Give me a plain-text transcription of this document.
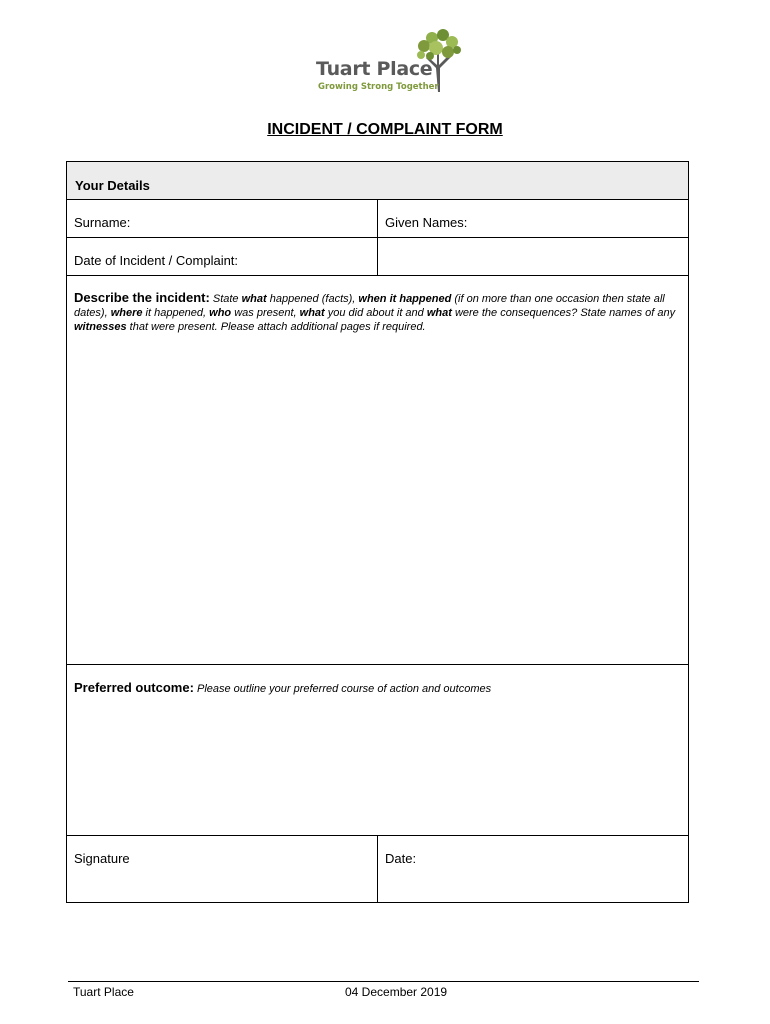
Tuart Place
Growing Strong Together
INCIDENT / COMPLAINT FORM
Your Details
Surname:	Given Names:
Date of Incident / Complaint:
Describe the incident: State what happened (facts), when it happened (if on more than one occasion then state all dates), where it happened, who was present, what you did about it and what were the consequences? State names of any witnesses that were present. Please attach additional pages if required.
Preferred outcome: Please outline your preferred course of action and outcomes
Signature	Date:
Tuart Place	04 December 2019
